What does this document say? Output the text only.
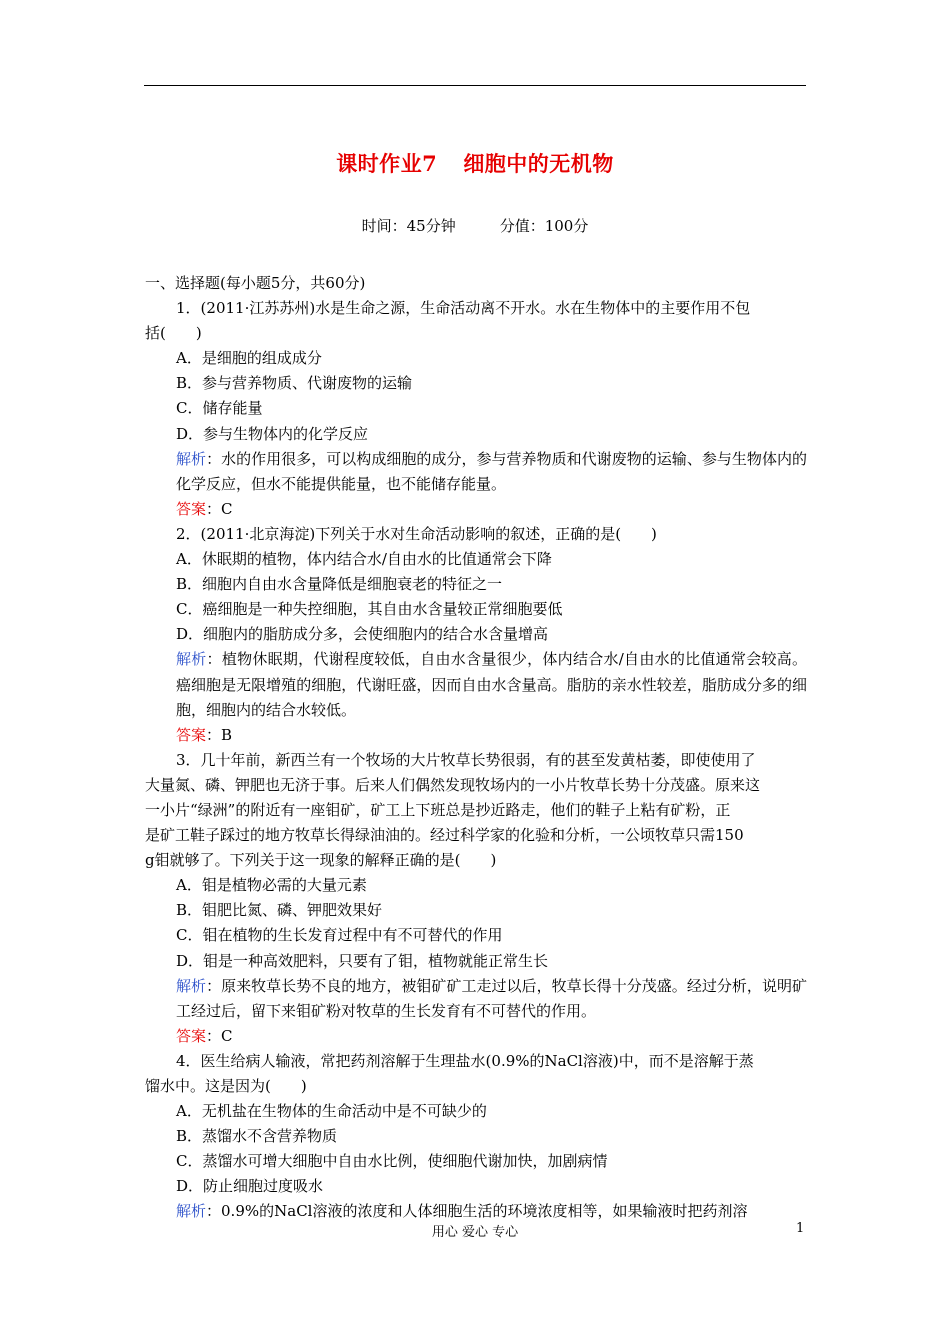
课时作业7 细胞中的无机物
时间：45分钟	分值：100分
一、选择题(每小题5分，共60分)
1．(2011·江苏苏州)水是生命之源，生命活动离不开水。水在生物体中的主要作用不包
括(　　)
A．是细胞的组成成分
B．参与营养物质、代谢废物的运输
C．储存能量
D．参与生物体内的化学反应
解析：水的作用很多，可以构成细胞的成分，参与营养物质和代谢废物的运输、参与生物体内的化学反应，但水不能提供能量，也不能储存能量。
答案：C
2．(2011·北京海淀)下列关于水对生命活动影响的叙述，正确的是(　　)
A．休眠期的植物，体内结合水/自由水的比值通常会下降
B．细胞内自由水含量降低是细胞衰老的特征之一
C．癌细胞是一种失控细胞，其自由水含量较正常细胞要低
D．细胞内的脂肪成分多，会使细胞内的结合水含量增高
解析：植物休眠期，代谢程度较低，自由水含量很少，体内结合水/自由水的比值通常会较高。癌细胞是无限增殖的细胞，代谢旺盛，因而自由水含量高。脂肪的亲水性较差，脂肪成分多的细胞，细胞内的结合水较低。
答案：B
3．几十年前，新西兰有一个牧场的大片牧草长势很弱，有的甚至发黄枯萎，即使使用了
大量氮、磷、钾肥也无济于事。后来人们偶然发现牧场内的一小片牧草长势十分茂盛。原来这
一小片“绿洲”的附近有一座钼矿，矿工上下班总是抄近路走，他们的鞋子上粘有矿粉，正
是矿工鞋子踩过的地方牧草长得绿油油的。经过科学家的化验和分析，一公顷牧草只需150
g钼就够了。下列关于这一现象的解释正确的是(　　)
A．钼是植物必需的大量元素
B．钼肥比氮、磷、钾肥效果好
C．钼在植物的生长发育过程中有不可替代的作用
D．钼是一种高效肥料，只要有了钼，植物就能正常生长
解析：原来牧草长势不良的地方，被钼矿矿工走过以后，牧草长得十分茂盛。经过分析，说明矿工经过后，留下来钼矿粉对牧草的生长发育有不可替代的作用。
答案：C
4．医生给病人输液，常把药剂溶解于生理盐水(0.9%的NaCl溶液)中，而不是溶解于蒸
馏水中。这是因为(　　)
A．无机盐在生物体的生命活动中是不可缺少的
B．蒸馏水不含营养物质
C．蒸馏水可增大细胞中自由水比例，使细胞代谢加快，加剧病情
D．防止细胞过度吸水
解析：0.9%的NaCl溶液的浓度和人体细胞生活的环境浓度相等，如果输液时把药剂溶
用心 爱心 专心	1
